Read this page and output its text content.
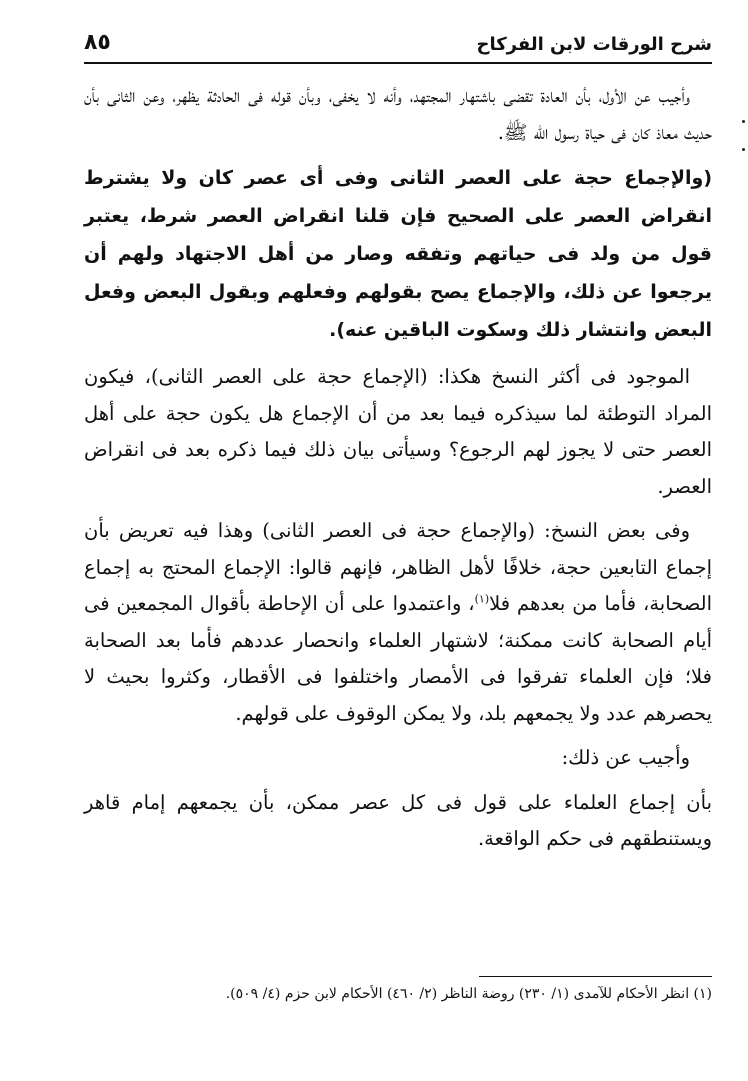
شرح الورقات لابن الفركاح
٨٥

وأجيب عن الأول، بأن العادة تقضى باشتهار المجتهد، وأنه لا يخفى، وبأن قوله فى الحادثة يظهر، وعن الثانى بأن حديث معاذ كان فى حياة رسول الله ﷺ.

(والإجماع حجة على العصر الثانى وفى أى عصر كان ولا يشترط انقراض العصر على الصحيح فإن قلنا انقراض العصر شرط، يعتبر قول من ولد فى حياتهم وتفقه وصار من أهل الاجتهاد ولهم أن يرجعوا عن ذلك، والإجماع يصح بقولهم وفعلهم وبقول البعض وفعل البعض وانتشار ذلك وسكوت الباقين عنه).

الموجود فى أكثر النسخ هكذا: (الإجماع حجة على العصر الثانى)، فيكون المراد التوطئة لما سيذكره فيما بعد من أن الإجماع هل يكون حجة على أهل العصر حتى لا يجوز لهم الرجوع؟ وسيأتى بيان ذلك فيما ذكره بعد فى انقراض العصر.

وفى بعض النسخ: (والإجماع حجة فى العصر الثانى) وهذا فيه تعريض بأن إجماع التابعين حجة، خلافًا لأهل الظاهر، فإنهم قالوا: الإجماع المحتج به إجماع الصحابة، فأما من بعدهم فلا$^{(١)}$، واعتمدوا على أن الإحاطة بأقوال المجمعين فى أيام الصحابة كانت ممكنة؛ لاشتهار العلماء وانحصار عددهم فأما بعد الصحابة فلا؛ فإن العلماء تفرقوا فى الأمصار واختلفوا فى الأقطار، وكثروا بحيث لا يحصرهم عدد ولا يجمعهم بلد، ولا يمكن الوقوف على قولهم.

وأجيب عن ذلك:

بأن إجماع العلماء على قول فى كل عصر ممكن، بأن يجمعهم إمام قاهر ويستنطقهم فى حكم الواقعة.

(١) انظر الأحكام للآمدى (١/ ٢٣٠) روضة الناظر (٢/ ٤٦٠) الأحكام لابن حزم (٤/ ٥٠٩).
